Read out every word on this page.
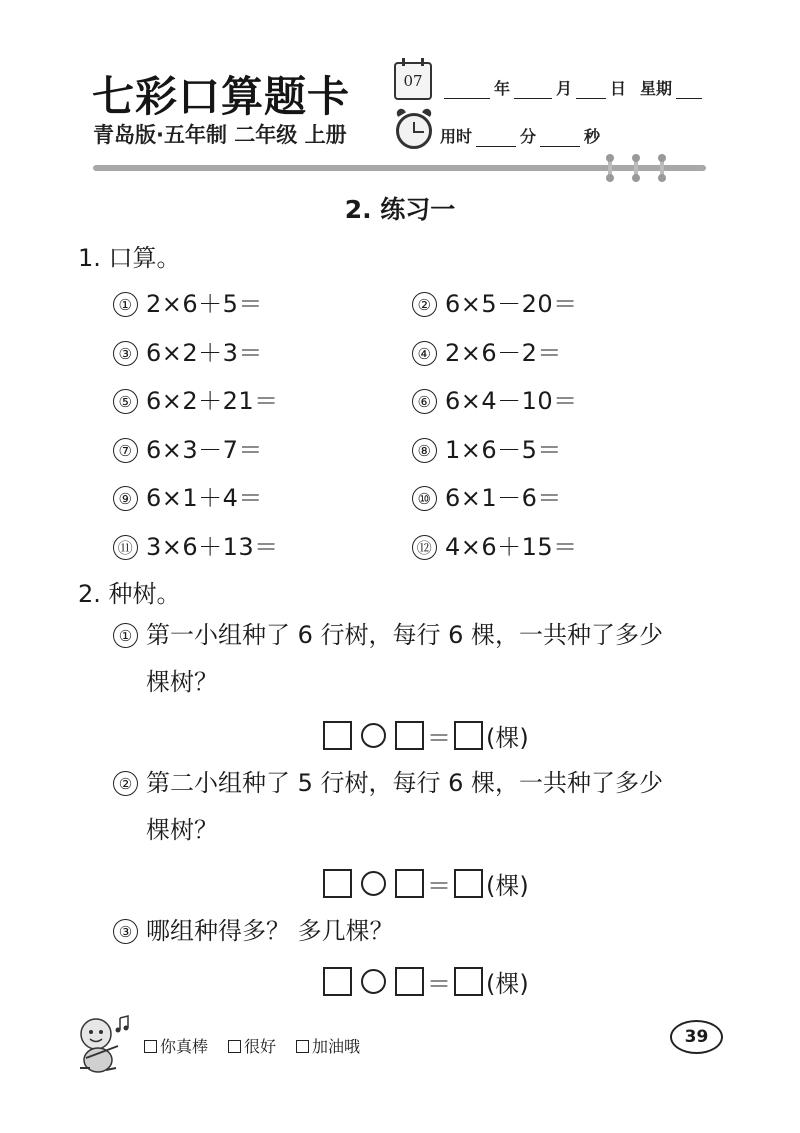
七彩口算题卡
青岛版·五年制 二年级 上册
07	年	月 日 星期
用时	分	秒
2. 练习一
1. 口算。
① 2×6＋5＝	② 6×5－20＝
③ 6×2＋3＝	④ 2×6－2＝
⑤ 6×2＋21＝	⑥ 6×4－10＝
⑦ 6×3－7＝	⑧ 1×6－5＝
⑨ 6×1＋4＝	⑩ 6×1－6＝
⑪ 3×6＋13＝	⑫ 4×6＋15＝
2. 种树。
① 第一小组种了 6 行树，每行 6 棵，一共种了多少
棵树？
＝ (棵)
② 第二小组种了 5 行树，每行 6 棵，一共种了多少
棵树？
＝ (棵)
③ 哪组种得多？ 多几棵？
＝ (棵)
你真棒	很好	加油哦	39
